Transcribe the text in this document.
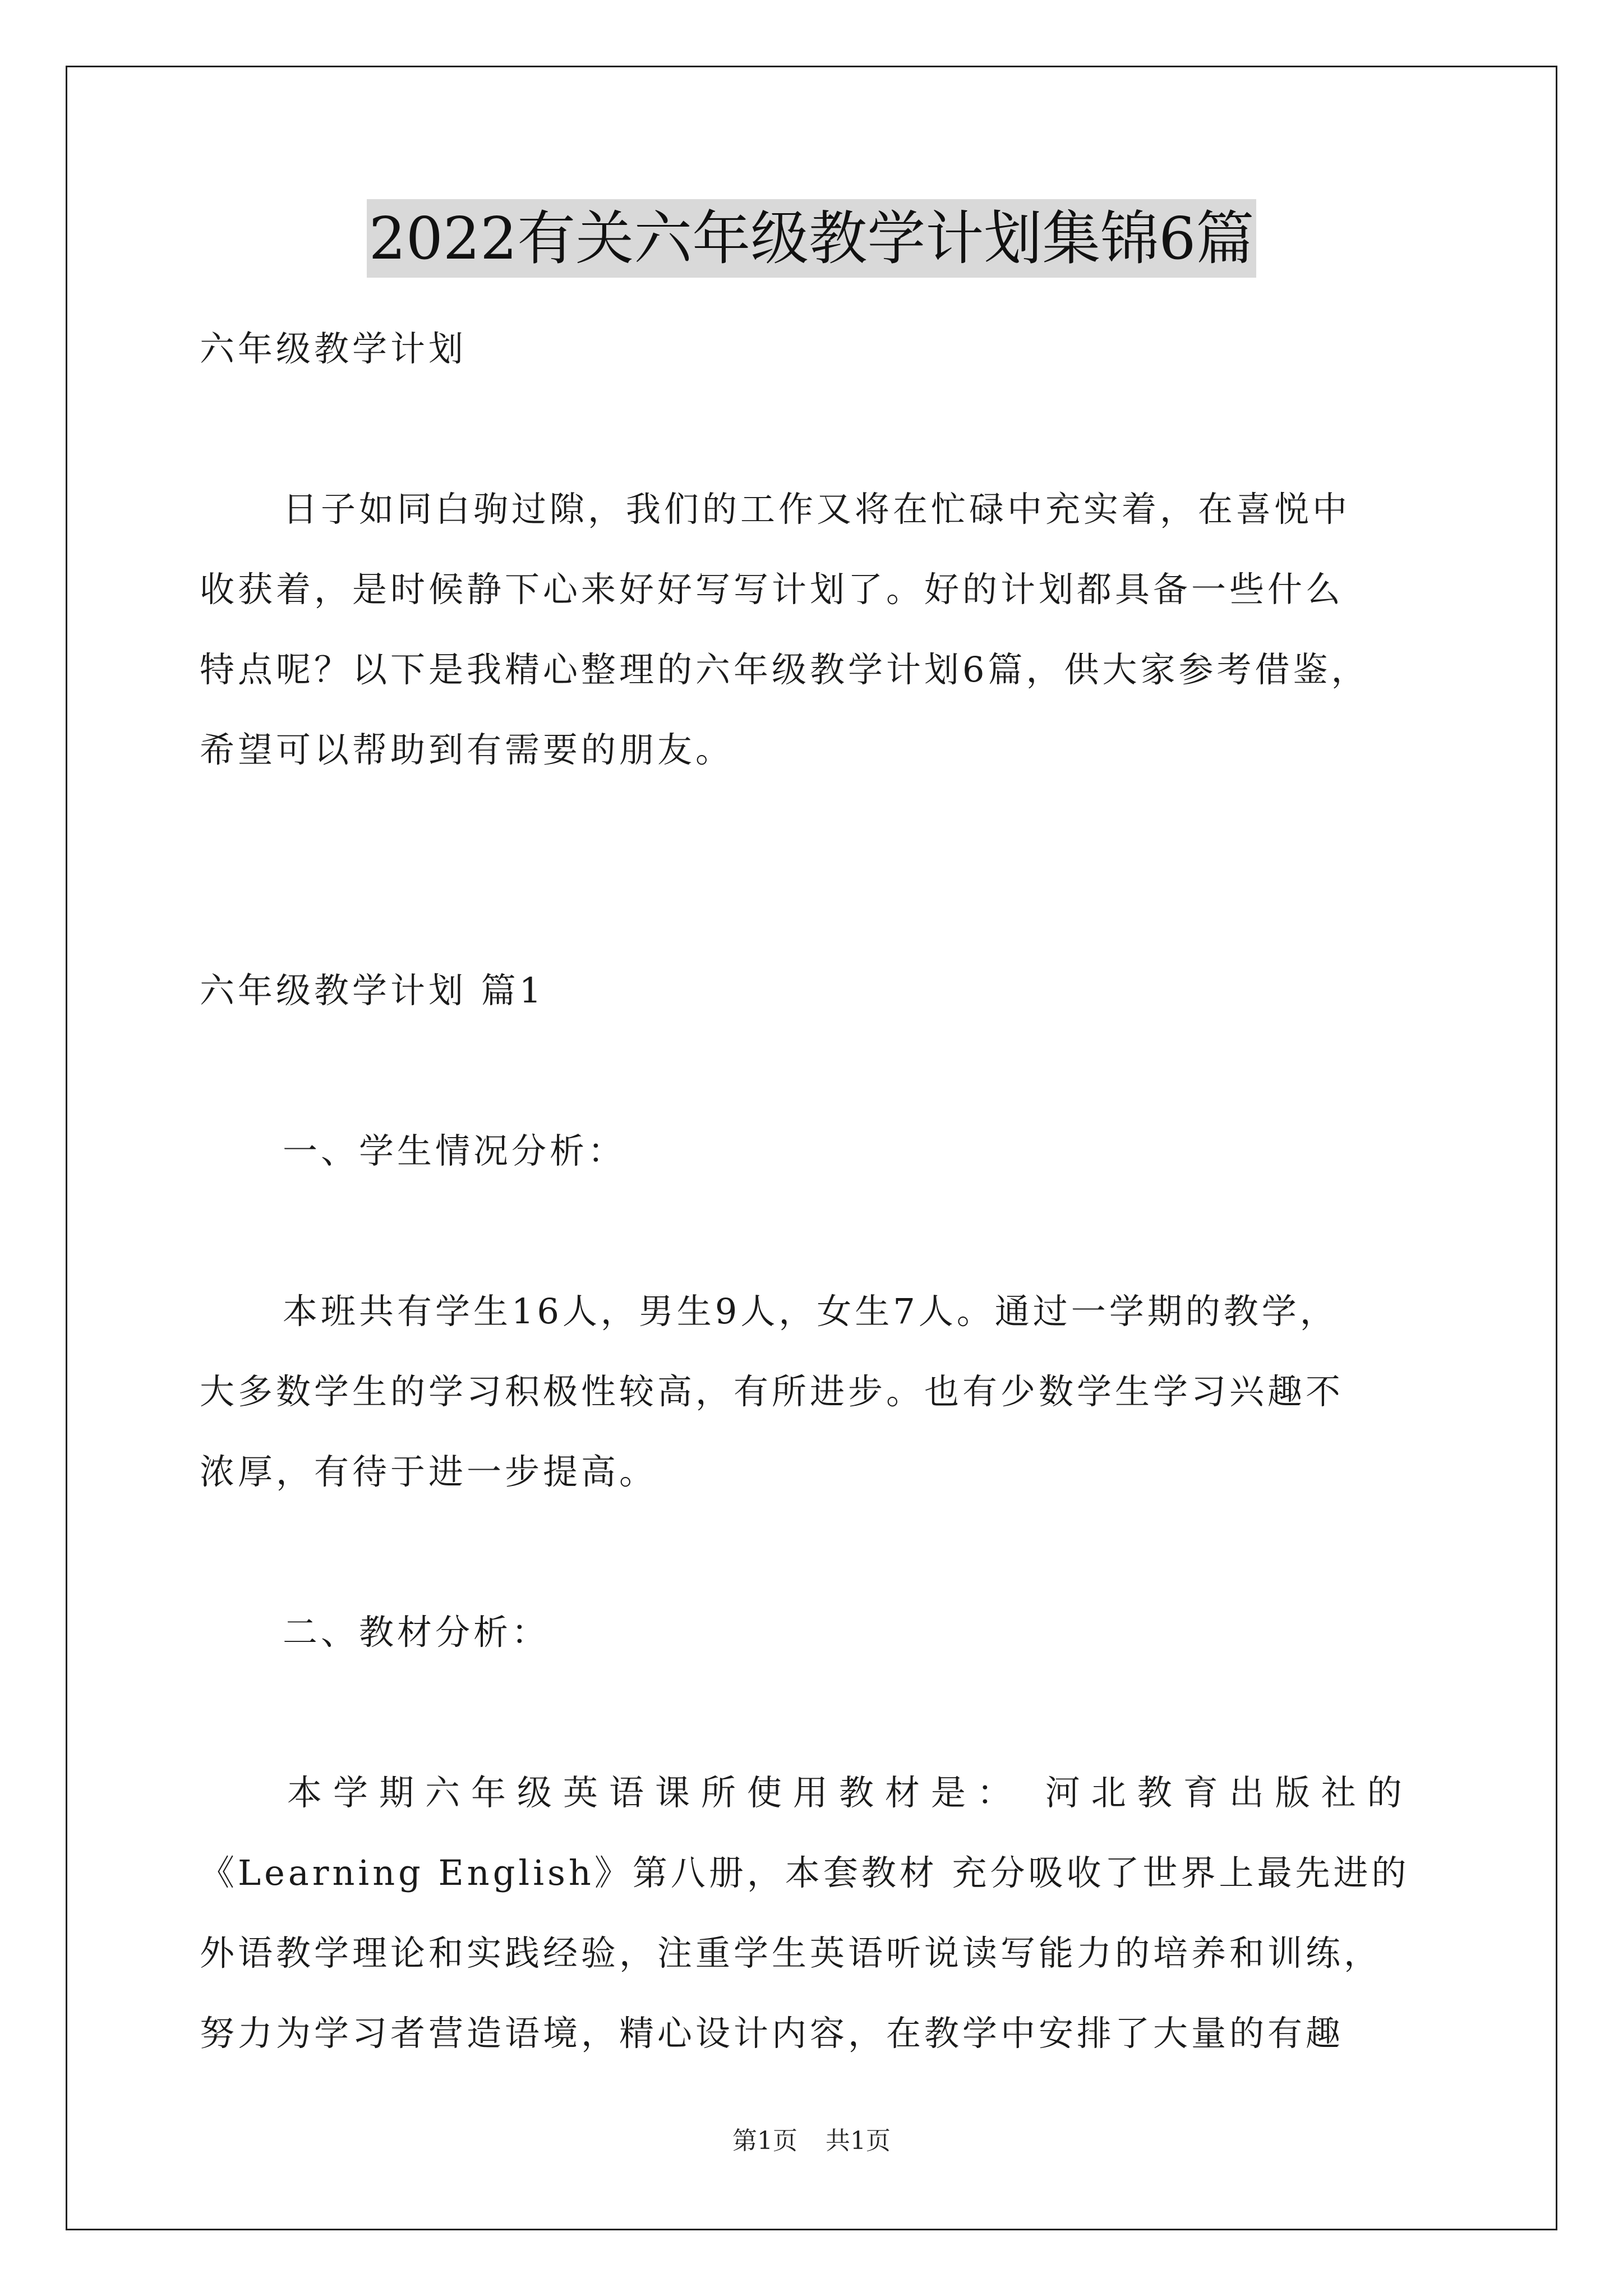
2022有关六年级教学计划集锦6篇
六年级教学计划
日子如同白驹过隙，我们的工作又将在忙碌中充实着，在喜悦中
收获着，是时候静下心来好好写写计划了。好的计划都具备一些什么
特点呢？以下是我精心整理的六年级教学计划6篇，供大家参考借鉴，
希望可以帮助到有需要的朋友。
六年级教学计划 篇1
一、学生情况分析：
本班共有学生16人，男生9人，女生7人。通过一学期的教学，
大多数学生的学习积极性较高，有所进步。也有少数学生学习兴趣不
浓厚，有待于进一步提高。
二、教材分析：
本学期六年级英语课所使用教材是： 河北教育出版社的
《Learning English》第八册，本套教材 充分吸收了世界上最先进的
外语教学理论和实践经验，注重学生英语听说读写能力的培养和训练，
努力为学习者营造语境，精心设计内容，在教学中安排了大量的有趣
第1页 共1页
